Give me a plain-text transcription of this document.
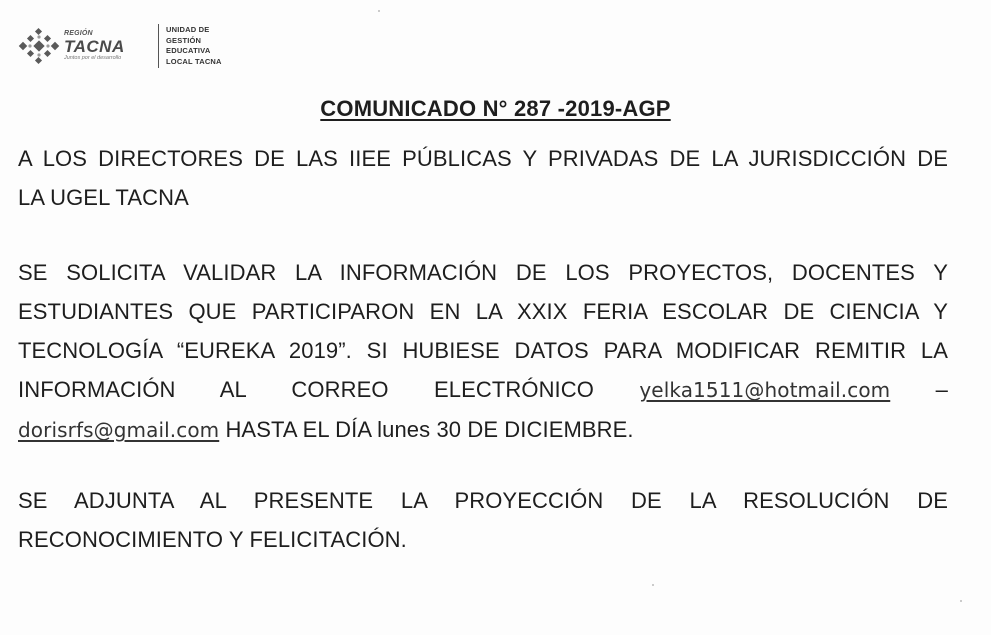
REGIÓN
TACNA
Juntos por el desarrollo
UNIDAD DE
GESTIÓN
EDUCATIVA
LOCAL TACNA
COMUNICADO N° 287 -2019-AGP
A LOS DIRECTORES DE LAS IIEE PÚBLICAS Y PRIVADAS DE LA JURISDICCIÓN DE
LA UGEL TACNA
SE SOLICITA VALIDAR LA INFORMACIÓN DE LOS PROYECTOS, DOCENTES Y
ESTUDIANTES QUE PARTICIPARON EN LA XXIX FERIA ESCOLAR DE CIENCIA Y
TECNOLOGÍA “EUREKA 2019”. SI HUBIESE DATOS PARA MODIFICAR REMITIR LA
INFORMACIÓN AL CORREO ELECTRÓNICO yelka1511@hotmail.com –
dorisrfs@gmail.com HASTA EL DÍA lunes 30 DE DICIEMBRE.
SE ADJUNTA AL PRESENTE LA PROYECCIÓN DE LA RESOLUCIÓN DE
RECONOCIMIENTO Y FELICITACIÓN.
